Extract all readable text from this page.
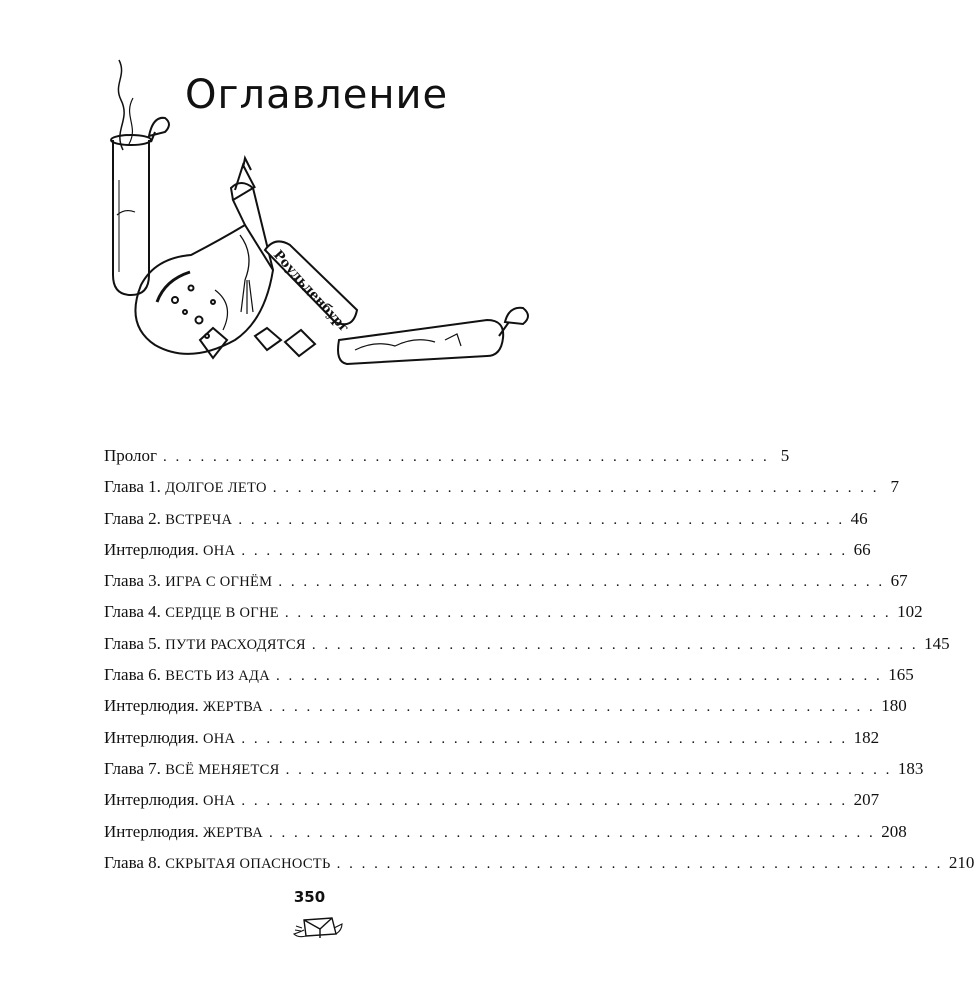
Роульденбург
Оглавление
Пролог . . . . . . . . . . . . . . . . . . . . . . . . . . . . . . . . . . . . . . . . . . . . . . . . . 5
Глава 1.
ДОЛГОЕ ЛЕТО . . . . . . . . . . . . . . . . . . . . . . . . . . . . . . . . . . . . . . . . . . . . . . . . . 7
Глава 2.
ВСТРЕЧА . . . . . . . . . . . . . . . . . . . . . . . . . . . . . . . . . . . . . . . . . . . . . . . . . 46
Интерлюдия.
ОНА . . . . . . . . . . . . . . . . . . . . . . . . . . . . . . . . . . . . . . . . . . . . . . . . . 66
Глава 3.
ИГРА С ОГНЁМ . . . . . . . . . . . . . . . . . . . . . . . . . . . . . . . . . . . . . . . . . . . . . . . . . 67
Глава 4.
СЕРДЦЕ В ОГНЕ . . . . . . . . . . . . . . . . . . . . . . . . . . . . . . . . . . . . . . . . . . . . . . . . . 102
Глава 5.
ПУТИ РАСХОДЯТСЯ . . . . . . . . . . . . . . . . . . . . . . . . . . . . . . . . . . . . . . . . . . . . . . . . . 145
Глава 6.
ВЕСТЬ ИЗ АДА . . . . . . . . . . . . . . . . . . . . . . . . . . . . . . . . . . . . . . . . . . . . . . . . . 165
Интерлюдия.
ЖЕРТВА . . . . . . . . . . . . . . . . . . . . . . . . . . . . . . . . . . . . . . . . . . . . . . . . . 180
Интерлюдия.
ОНА . . . . . . . . . . . . . . . . . . . . . . . . . . . . . . . . . . . . . . . . . . . . . . . . . 182
Глава 7.
ВСЁ МЕНЯЕТСЯ . . . . . . . . . . . . . . . . . . . . . . . . . . . . . . . . . . . . . . . . . . . . . . . . . 183
Интерлюдия.
ОНА . . . . . . . . . . . . . . . . . . . . . . . . . . . . . . . . . . . . . . . . . . . . . . . . . 207
Интерлюдия.
ЖЕРТВА . . . . . . . . . . . . . . . . . . . . . . . . . . . . . . . . . . . . . . . . . . . . . . . . . 208
Глава 8.
СКРЫТАЯ ОПАСНОСТЬ . . . . . . . . . . . . . . . . . . . . . . . . . . . . . . . . . . . . . . . . . . . . . . . . . 210
350
